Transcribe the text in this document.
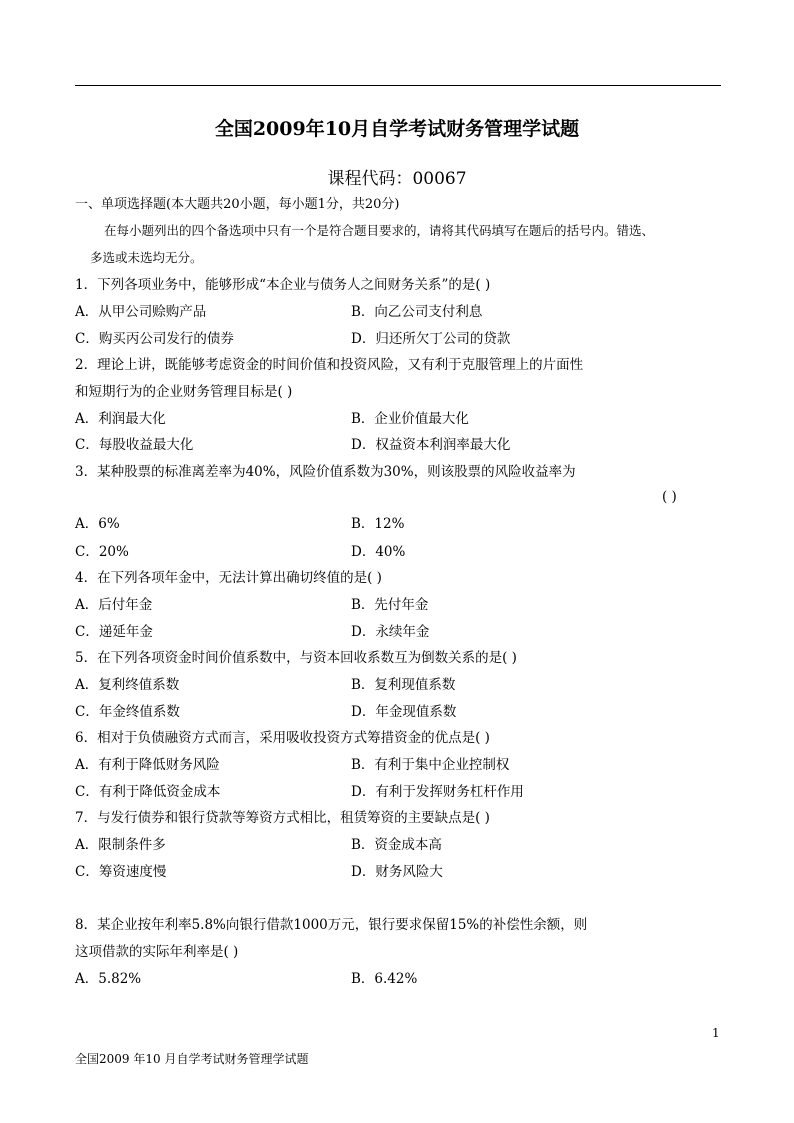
全国2009年10月自学考试财务管理学试题
课程代码：00067
一、单项选择题(本大题共20小题，每小题1分，共20分)
在每小题列出的四个备选项中只有一个是符合题目要求的，请将其代码填写在题后的括号内。错选、
多选或未选均无分。
1．下列各项业务中，能够形成“本企业与债务人之间财务关系”的是( )
A．从甲公司赊购产品	B．向乙公司支付利息
C．购买丙公司发行的债券	D．归还所欠丁公司的贷款
2．理论上讲，既能够考虑资金的时间价值和投资风险，又有利于克服管理上的片面性
和短期行为的企业财务管理目标是( )
A．利润最大化	B．企业价值最大化
C．每股收益最大化	D．权益资本利润率最大化
3．某种股票的标准离差率为40%，风险价值系数为30%，则该股票的风险收益率为
( )
A．6%	B．12%
C．20%	D．40%
4．在下列各项年金中，无法计算出确切终值的是( )
A．后付年金	B．先付年金
C．递延年金	D．永续年金
5．在下列各项资金时间价值系数中，与资本回收系数互为倒数关系的是( )
A．复利终值系数	B．复利现值系数
C．年金终值系数	D．年金现值系数
6．相对于负债融资方式而言，采用吸收投资方式筹措资金的优点是( )
A．有利于降低财务风险	B．有利于集中企业控制权
C．有利于降低资金成本	D．有利于发挥财务杠杆作用
7．与发行债券和银行贷款等筹资方式相比，租赁筹资的主要缺点是( )
A．限制条件多	B．资金成本高
C．筹资速度慢	D．财务风险大
8．某企业按年利率5.8%向银行借款1000万元，银行要求保留15%的补偿性余额，则
这项借款的实际年利率是( )
A．5.82%	B．6.42%
1
全国2009 年10 月自学考试财务管理学试题
